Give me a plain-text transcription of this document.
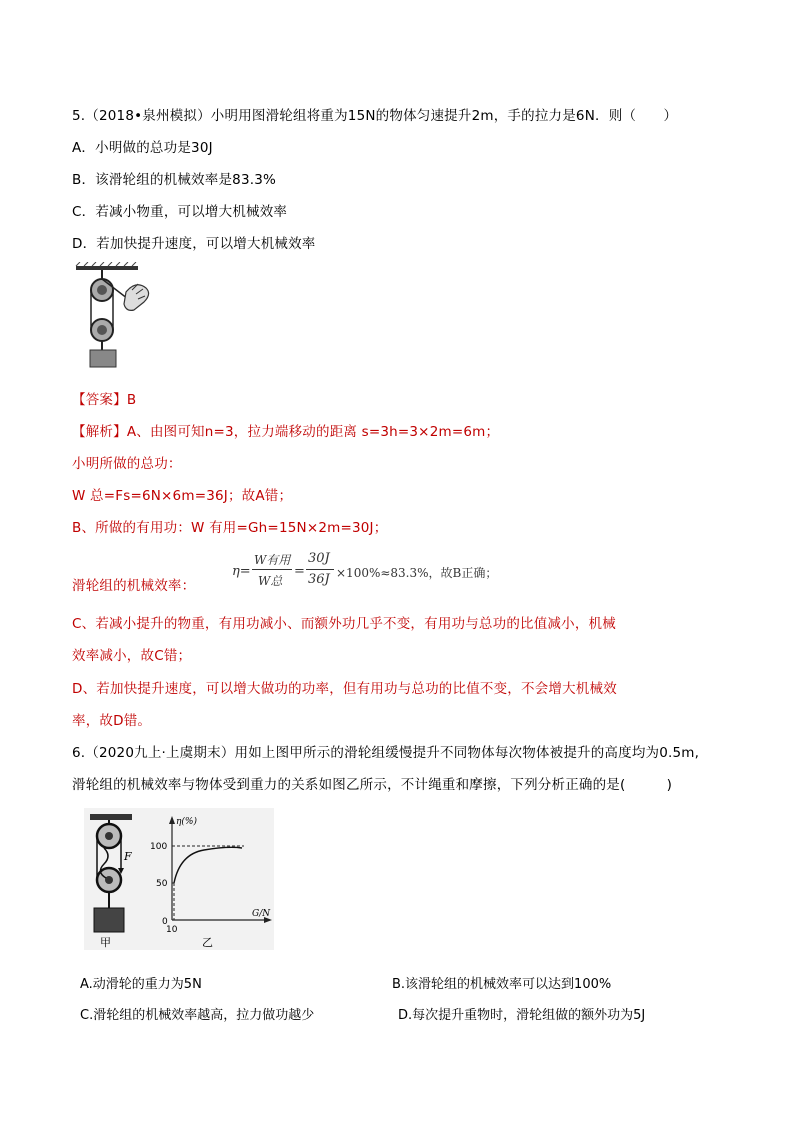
5.（2018•泉州模拟）小明用图滑轮组将重为15N的物体匀速提升2m，手的拉力是6N．则（　　）
A．小明做的总功是30J
B．该滑轮组的机械效率是83.3%
C．若减小物重，可以增大机械效率
D．若加快提升速度，可以增大机械效率
【答案】B
【解析】A、由图可知n=3，拉力端移动的距离 s=3h=3×2m=6m；
小明所做的总功：
W 总=Fs=6N×6m=36J；故A错；
B、所做的有用功：W 有用=Gh=15N×2m=30J；
滑轮组的机械效率：
η=
W有用
W总
=
30J
36J ×100%≈83.3%，故B正确；
C、若减小提升的物重，有用功减小、而额外功几乎不变，有用功与总功的比值减小，机械
效率减小，故C错；
D、若加快提升速度，可以增大做功的功率，但有用功与总功的比值不变，不会增大机械效
率，故D错。
6.（2020九上·上虞期末）用如上图甲所示的滑轮组缓慢提升不同物体每次物体被提升的高度均为0.5m,
滑轮组的机械效率与物体受到重力的关系如图乙所示，不计绳重和摩擦，下列分析正确的是(　　　)
F
甲
η(%)
G/N
100
50
0
10
乙
A.动滑轮的重力为5N	B.该滑轮组的机械效率可以达到100%
C.滑轮组的机械效率越高，拉力做功越少	D.每次提升重物时，滑轮组做的额外功为5J
